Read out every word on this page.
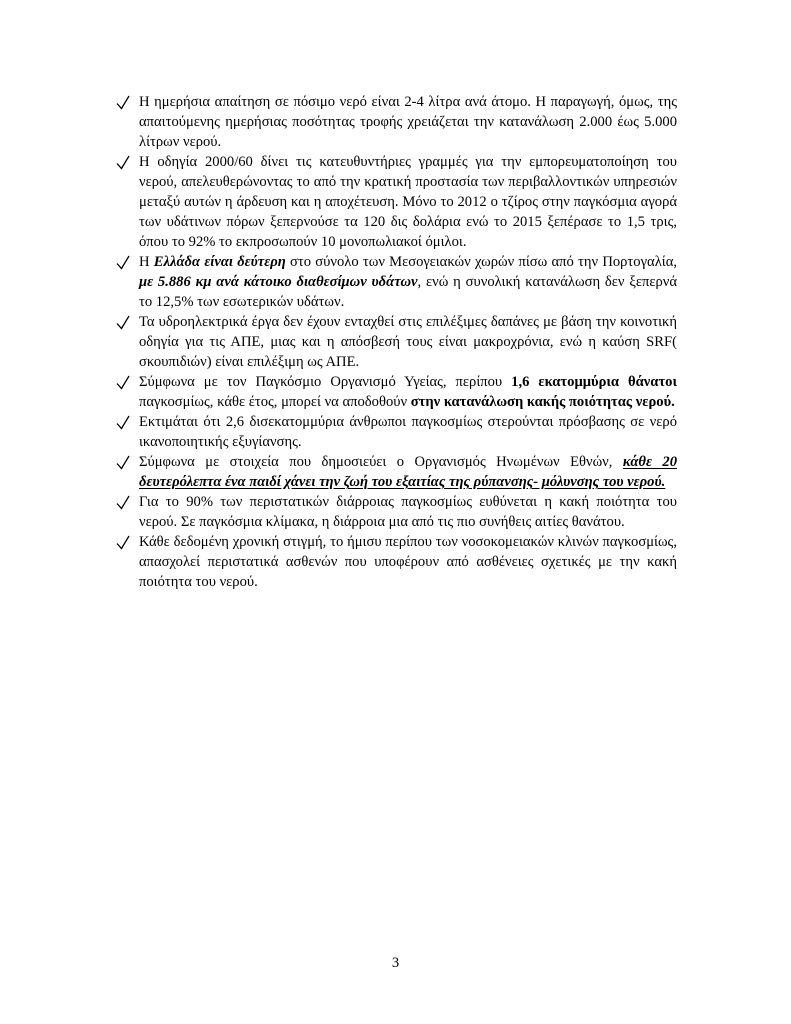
Η ημερήσια απαίτηση σε πόσιμο νερό είναι 2-4 λίτρα ανά άτομο. Η παραγωγή, όμως, της απαιτούμενης ημερήσιας ποσότητας τροφής χρειάζεται την κατανάλωση 2.000 έως 5.000 λίτρων νερού.
Η οδηγία 2000/60 δίνει τις κατευθυντήριες γραμμές για την εμπορευματοποίηση του νερού, απελευθερώνοντας το από την κρατική προστασία των περιβαλλοντικών υπηρεσιών μεταξύ αυτών η άρδευση και η αποχέτευση. Μόνο το 2012 ο τζίρος στην παγκόσμια αγορά των υδάτινων πόρων ξεπερνούσε τα 120 δις δολάρια ενώ το 2015 ξεπέρασε το 1,5 τρις, όπου το 92% το εκπροσωπούν 10 μονοπωλιακοί όμιλοι.
Η Ελλάδα είναι δεύτερη στο σύνολο των Μεσογειακών χωρών πίσω από την Πορτογαλία, με 5.886 κμ ανά κάτοικο διαθεσίμων υδάτων, ενώ η συνολική κατανάλωση δεν ξεπερνά το 12,5% των εσωτερικών υδάτων.
Τα υδροηλεκτρικά έργα δεν έχουν ενταχθεί στις επιλέξιμες δαπάνες με βάση την κοινοτική οδηγία για τις ΑΠΕ, μιας και η απόσβεσή τους είναι μακροχρόνια, ενώ η καύση SRF( σκουπιδιών) είναι επιλέξιμη ως ΑΠΕ.
Σύμφωνα με τον Παγκόσμιο Οργανισμό Υγείας, περίπου 1,6 εκατομμύρια θάνατοι παγκοσμίως, κάθε έτος, μπορεί να αποδοθούν στην κατανάλωση κακής ποιότητας νερού.
Εκτιμάται ότι 2,6 δισεκατομμύρια άνθρωποι παγκοσμίως στερούνται πρόσβασης σε νερό ικανοποιητικής εξυγίανσης.
Σύμφωνα με στοιχεία που δημοσιεύει ο Οργανισμός Ηνωμένων Εθνών, κάθε 20 δευτερόλεπτα ένα παιδί χάνει την ζωή του εξαιτίας της ρύπανσης- μόλυνσης του νερού.
Για το 90% των περιστατικών διάρροιας παγκοσμίως ευθύνεται η κακή ποιότητα του νερού. Σε παγκόσμια κλίμακα, η διάρροια μια από τις πιο συνήθεις αιτίες θανάτου.
Κάθε δεδομένη χρονική στιγμή, το ήμισυ περίπου των νοσοκομειακών κλινών παγκοσμίως, απασχολεί περιστατικά ασθενών που υποφέρουν από ασθένειες σχετικές με την κακή ποιότητα του νερού.
3
